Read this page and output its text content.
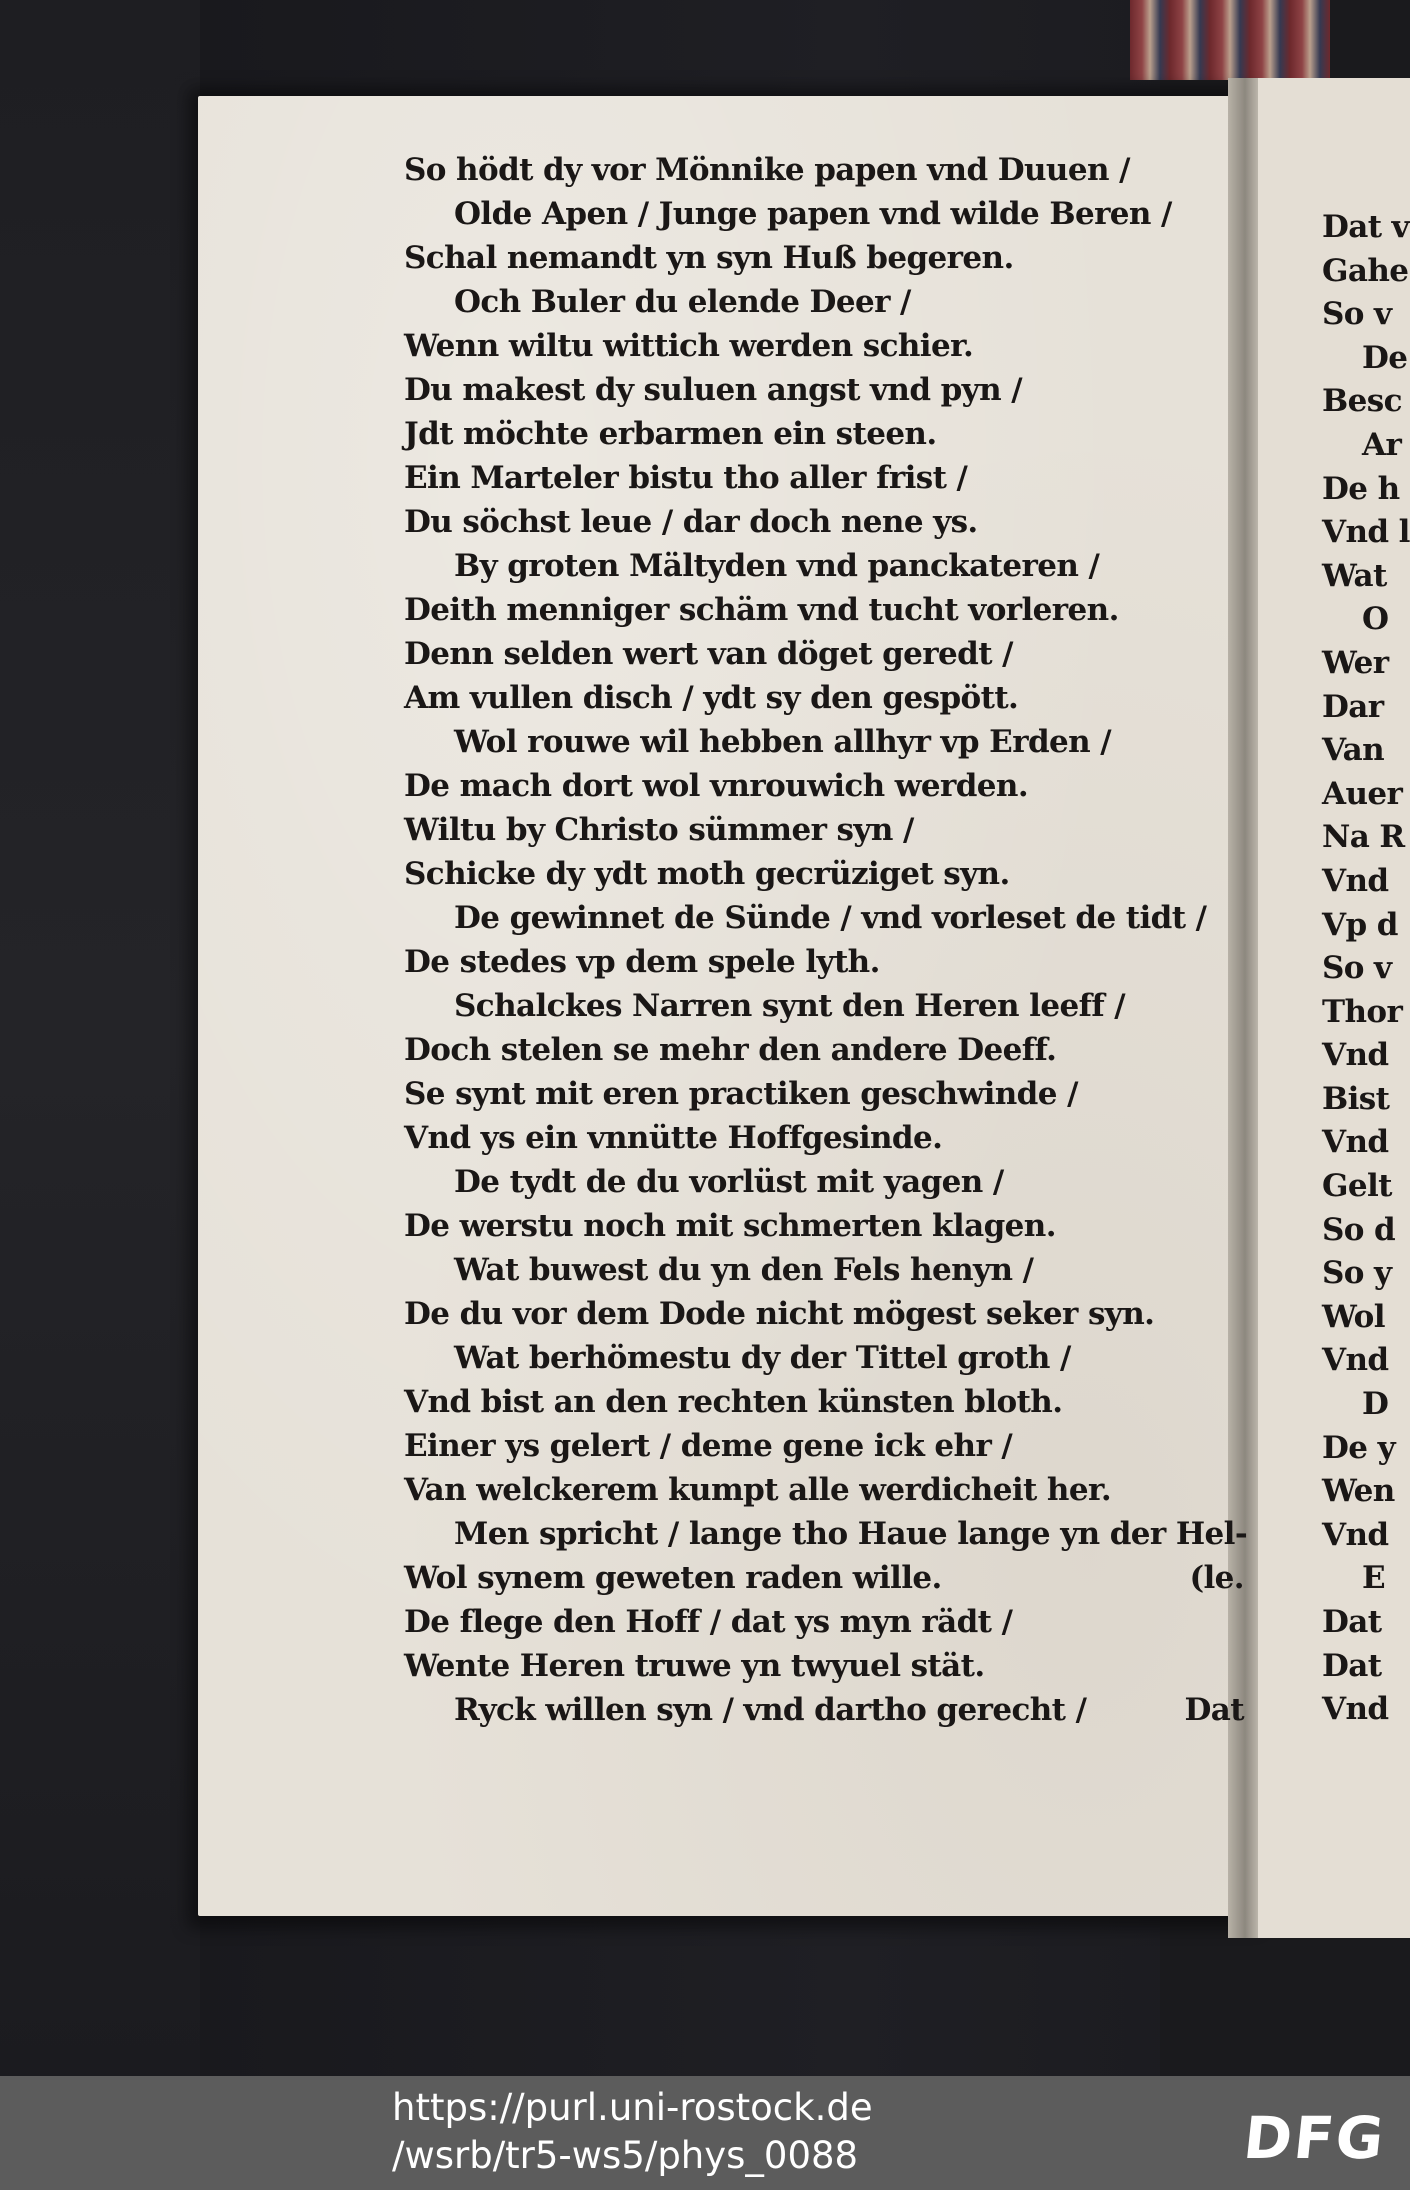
So hödt dy vor Mönnike papen vnd Duuen /
Olde Apen / Junge papen vnd wilde Beren /
Schal nemandt yn syn Huß begeren.
Och Buler du elende Deer /
Wenn wiltu wittich werden schier.
Du makest dy suluen angst vnd pyn /
Jdt möchte erbarmen ein steen.
Ein Marteler bistu tho aller frist /
Du söchst leue / dar doch nene ys.
By groten Mältyden vnd panckateren /
Deith menniger schäm vnd tucht vorleren.
Denn selden wert van döget geredt /
Am vullen disch / ydt sy den gespött.
Wol rouwe wil hebben allhyr vp Erden /
De mach dort wol vnrouwich werden.
Wiltu by Christo sümmer syn /
Schicke dy ydt moth gecrüziget syn.
De gewinnet de Sünde / vnd vorleset de tidt /
De stedes vp dem spele lyth.
Schalckes Narren synt den Heren leeff /
Doch stelen se mehr den andere Deeff.
Se synt mit eren practiken geschwinde /
Vnd ys ein vnnütte Hoffgesinde.
De tydt de du vorlüst mit yagen /
De werstu noch mit schmerten klagen.
Wat buwest du yn den Fels henyn /
De du vor dem Dode nicht mögest seker syn.
Wat berhömestu dy der Tittel groth /
Vnd bist an den rechten künsten bloth.
Einer ys gelert / deme gene ick ehr /
Van welckerem kumpt alle werdicheit her.
Men spricht / lange tho Haue lange yn der Hel-
Wol synem geweten raden wille.	(le.
De flege den Hoff / dat ys myn rädt /
Wente Heren truwe yn twyuel stät.
Ryck willen syn / vnd dartho gerecht /	Dat
Dat v
Gahe
So v
De
Besc
Ar
De h
Vnd l
Wat
O
Wer
Dar
Van
Auer
Na R
Vnd
Vp d
So v
Thor
Vnd
Bist
Vnd
Gelt
So d
So y
Wol
Vnd
D
De y
Wen
Vnd
E
Dat
Dat
Vnd
https://purl.uni-rostock.de
/wsrb/tr5-ws5/phys_0088	DFG
